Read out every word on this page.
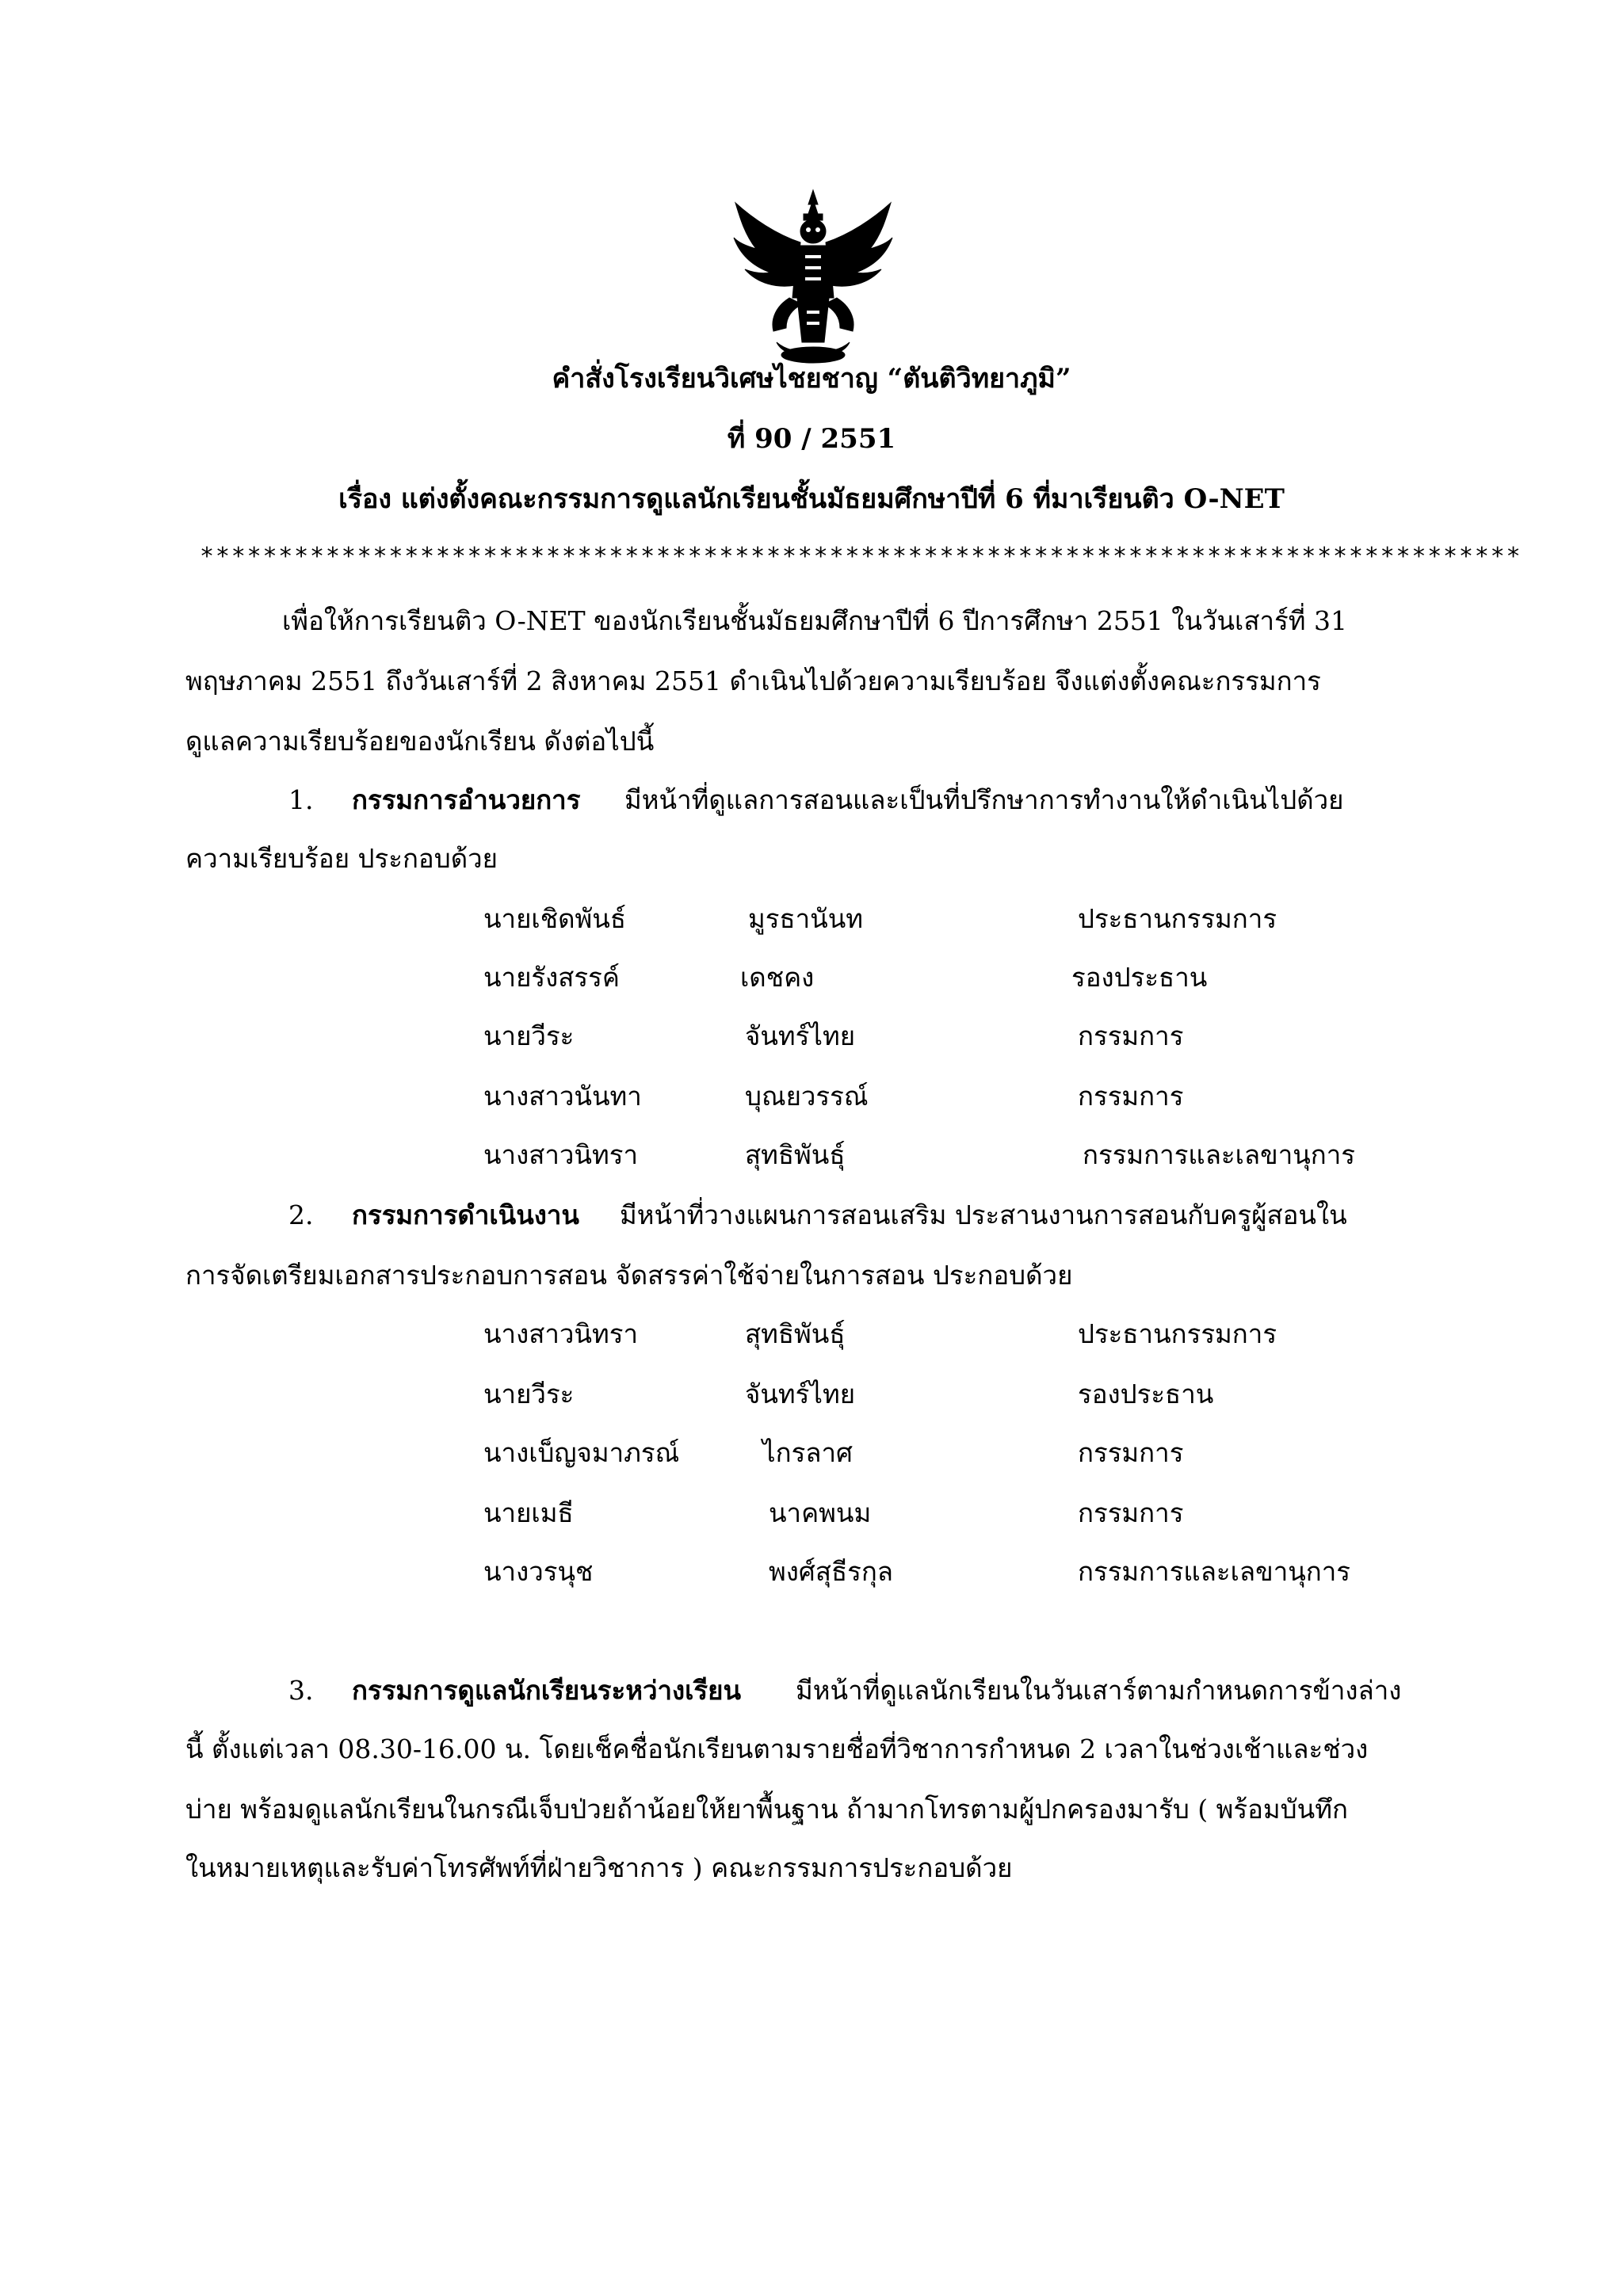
คำสั่งโรงเรียนวิเศษไชยชาญ “ตันติวิทยาภูมิ”
ที่ 90 / 2551
เรื่อง แต่งตั้งคณะกรรมการดูแลนักเรียนชั้นมัธยมศึกษาปีที่ 6 ที่มาเรียนติว O-NET
************************************************************************************
เพื่อให้การเรียนติว O-NET ของนักเรียนชั้นมัธยมศึกษาปีที่ 6 ปีการศึกษา 2551 ในวันเสาร์ที่ 31
พฤษภาคม 2551 ถึงวันเสาร์ที่ 2 สิงหาคม 2551 ดำเนินไปด้วยความเรียบร้อย จึงแต่งตั้งคณะกรรมการ
ดูแลความเรียบร้อยของนักเรียน ดังต่อไปนี้
1. กรรมการอำนวยการ มีหน้าที่ดูแลการสอนและเป็นที่ปรึกษาการทำงานให้ดำเนินไปด้วย
ความเรียบร้อย ประกอบด้วย
นายเชิดพันธ์	มูรธานันท	ประธานกรรมการ
นายรังสรรค์	เดชคง	รองประธาน
นายวีระ	จันทร์ไทย	กรรมการ
นางสาวนันทา	บุณยวรรณ์	กรรมการ
นางสาวนิทรา	สุทธิพันธุ์	กรรมการและเลขานุการ
2. กรรมการดำเนินงาน มีหน้าที่วางแผนการสอนเสริม ประสานงานการสอนกับครูผู้สอนใน
การจัดเตรียมเอกสารประกอบการสอน จัดสรรค่าใช้จ่ายในการสอน ประกอบด้วย
นางสาวนิทรา	สุทธิพันธุ์	ประธานกรรมการ
นายวีระ	จันทร์ไทย	รองประธาน
นางเบ็ญจมาภรณ์	ไกรลาศ	กรรมการ
นายเมธี	นาคพนม	กรรมการ
นางวรนุช	พงศ์สุธีรกุล	กรรมการและเลขานุการ
3. กรรมการดูแลนักเรียนระหว่างเรียน มีหน้าที่ดูแลนักเรียนในวันเสาร์ตามกำหนดการข้างล่าง
นี้ ตั้งแต่เวลา 08.30-16.00 น. โดยเช็คชื่อนักเรียนตามรายชื่อที่วิชาการกำหนด 2 เวลาในช่วงเช้าและช่วง
บ่าย พร้อมดูแลนักเรียนในกรณีเจ็บป่วยถ้าน้อยให้ยาพื้นฐาน ถ้ามากโทรตามผู้ปกครองมารับ ( พร้อมบันทึก
ในหมายเหตุและรับค่าโทรศัพท์ที่ฝ่ายวิชาการ ) คณะกรรมการประกอบด้วย
